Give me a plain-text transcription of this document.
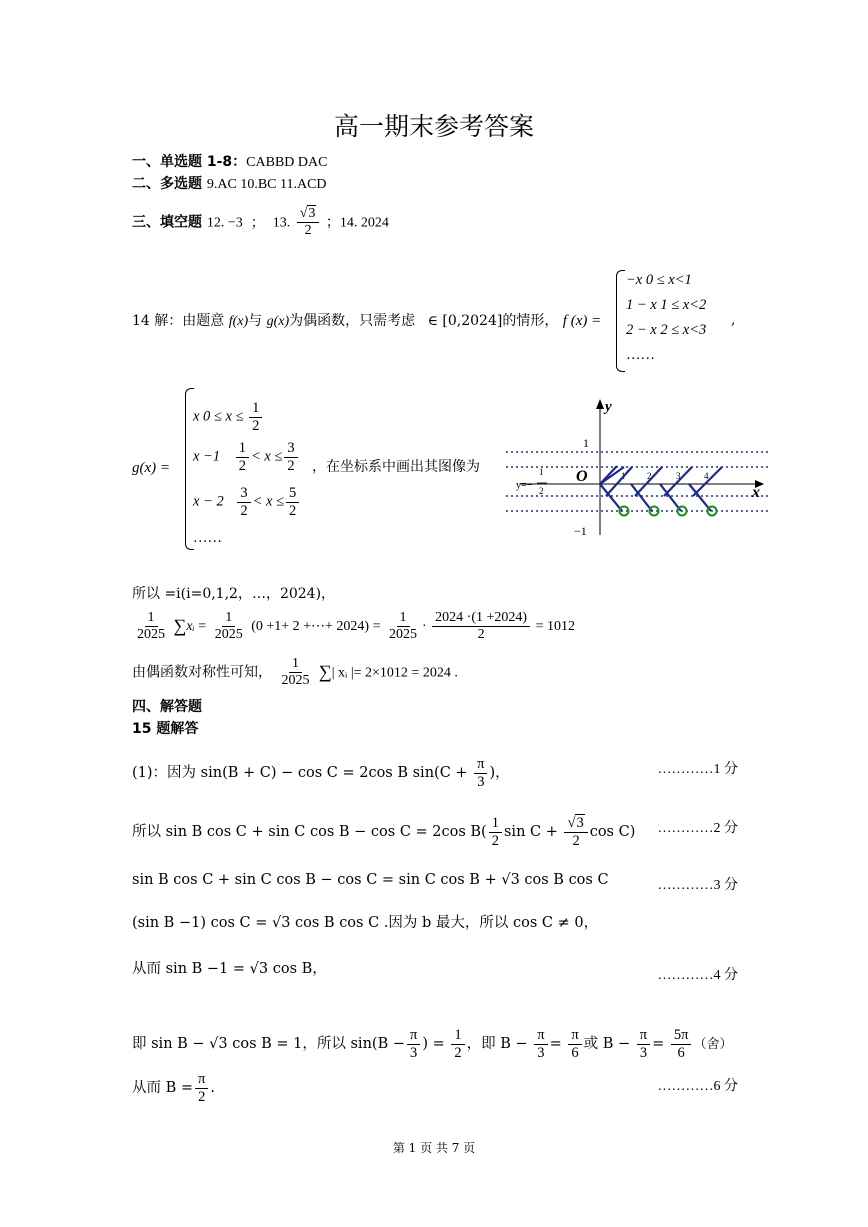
高一期末参考答案
一、单选题 1-8：CABBD DAC
二、多选题 9.AC 10.BC 11.ACD
三、填空题 12. −3 ； 13. $\frac{√3}{2}$ ；14. 2024
14 解：由题意 f(x)与 g(x)为偶函数，只需考虑 ∈ [0,2024]的情形， f (x) =
−x 0 ≤ x<1
1 − x 1 ≤ x<2
2 − x 2 ≤ x<3
……
,
g(x) =
x $0 \le x \le \frac{1}{2}$
$x -1 \frac{1}{2} < x \le \frac{3}{2}$
$x - 2 \frac{3}{2} < x \le \frac{5}{2}$
……
，在坐标系中画出其图像为
y
x
O
1
−1
y=−
1
2
1 2	3	4
所以 =i(i=0,1,2，…，2024)，
$\frac{1}{2025}$ ∑xᵢ = $\frac{1}{2025} (0 +1+ 2$ +⋯+ $2024) = \frac{1}{2025} \cdot \frac{2024 \cdot(1 +2024)}{2} = 1012$
由偶函数对称性可知， $\frac{1}{2025}$ ∑| xᵢ |= 2×1012 = 2024 .
四、解答题
15 题解答
(1)：因为 sin(B + C) − cos C = 2cos B $\sin(C + \frac{\pi}{3}$ )，	…………1 分
所以 sin B cos C + sin C cos B − cos C = 2cos $B( \frac{1}{2}$ $\sin C + \frac{√3}{2}$ cos C) …………2 分
sin B cos C + sin C cos B − cos C = sin C cos B + √3 cos B cos C	…………3 分
(sin B −1) cos C = √3 cos B cos C .因为 b 最大，所以 cos C ≠ 0，
从而 sin B −1 = √3 cos B，	…………4 分
即 sin B − √3 cos B = 1，所以 $\sin(B - \frac{\pi}{3}$ ) = $\frac{1}{2}$ ，即 $B - \frac{\pi}{3} = \frac{\pi}{6}$ 或 $B - \frac{\pi}{3} = \frac{5\pi}{6}$ （舍）
从而 $B = \frac{\pi}{2}$ .	…………6 分
第 1 页 共 7 页
